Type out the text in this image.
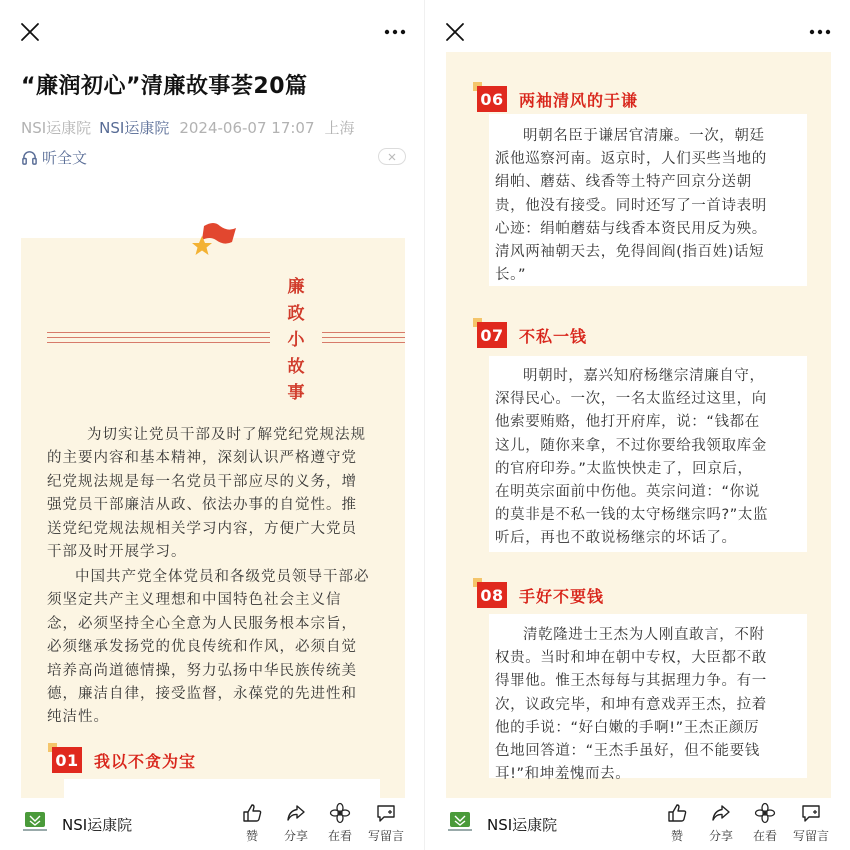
“廉润初心”清廉故事荟20篇
NSI运康院 NSI运康院 2024-06-07 17:07 上海
听全文
廉
政
小
故
事
为切实让党员干部及时了解党纪党规法规
的主要内容和基本精神，深刻认识严格遵守党
纪党规法规是每一名党员干部应尽的义务，增
强党员干部廉洁从政、依法办事的自觉性。推
送党纪党规法规相关学习内容，方便广大党员
干部及时开展学习。
中国共产党全体党员和各级党员领导干部必
须坚定共产主义理想和中国特色社会主义信
念，必须坚持全心全意为人民服务根本宗旨，
必须继承发扬党的优良传统和作风，必须自觉
培养高尚道德情操，努力弘扬中华民族传统美
德，廉洁自律，接受监督，永葆党的先进性和
纯洁性。
01 我以不贪为宝
NSI运康院
赞 分享 在看 写留言
06 两袖清风的于谦
明朝名臣于谦居官清廉。一次，朝廷
派他巡察河南。返京时，人们买些当地的
绢帕、蘑菇、线香等土特产回京分送朝
贵，他没有接受。同时还写了一首诗表明
心迹：绢帕蘑菇与线香本资民用反为殃。
清风两袖朝天去，免得闾阎(指百姓)话短
长。”
07 不私一钱
明朝时，嘉兴知府杨继宗清廉自守，
深得民心。一次，一名太监经过这里，向
他索要贿赂，他打开府库，说：“钱都在
这儿，随你来拿，不过你要给我领取库金
的官府印券。”太监怏怏走了，回京后，
在明英宗面前中伤他。英宗问道：“你说
的莫非是不私一钱的太守杨继宗吗?”太监
听后，再也不敢说杨继宗的坏话了。
08 手好不要钱
清乾隆进士王杰为人刚直敢言，不附
权贵。当时和坤在朝中专权，大臣都不敢
得罪他。惟王杰每每与其据理力争。有一
次，议政完毕，和坤有意戏弄王杰，拉着
他的手说：“好白嫩的手啊!”王杰正颜厉
色地回答道：“王杰手虽好，但不能要钱
耳!”和坤羞愧而去。
NSI运康院
赞 分享 在看 写留言
